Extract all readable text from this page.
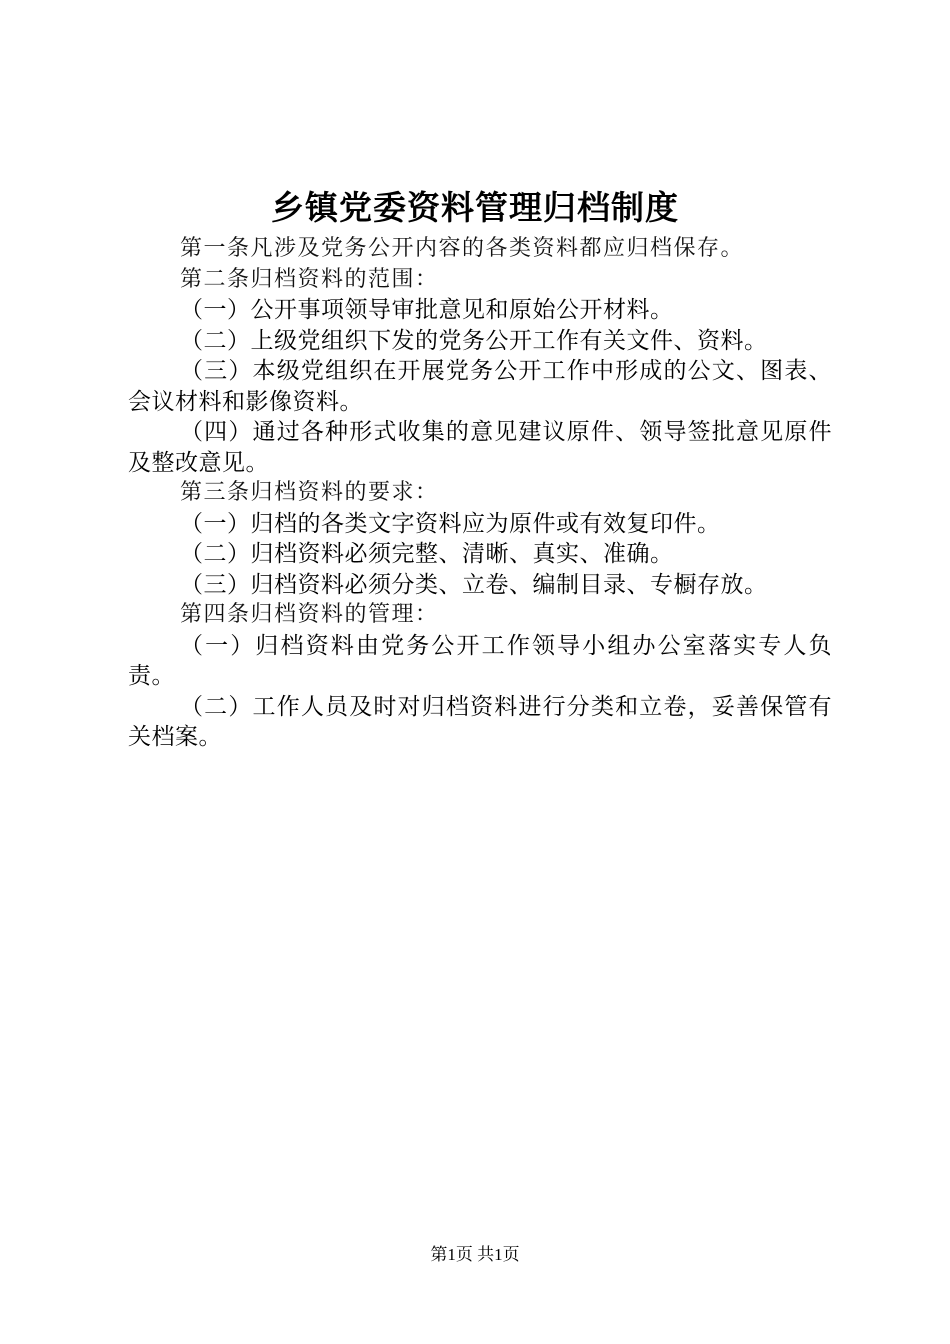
乡镇党委资料管理归档制度

第一条凡涉及党务公开内容的各类资料都应归档保存。

第二条归档资料的范围：

（一）公开事项领导审批意见和原始公开材料。

（二）上级党组织下发的党务公开工作有关文件、资料。

（三）本级党组织在开展党务公开工作中形成的公文、图表、会议材料和影像资料。

（四）通过各种形式收集的意见建议原件、领导签批意见原件及整改意见。

第三条归档资料的要求：

（一）归档的各类文字资料应为原件或有效复印件。

（二）归档资料必须完整、清晰、真实、准确。

（三）归档资料必须分类、立卷、编制目录、专橱存放。

第四条归档资料的管理：

（一）归档资料由党务公开工作领导小组办公室落实专人负责。

（二）工作人员及时对归档资料进行分类和立卷，妥善保管有关档案。

第1页 共1页
